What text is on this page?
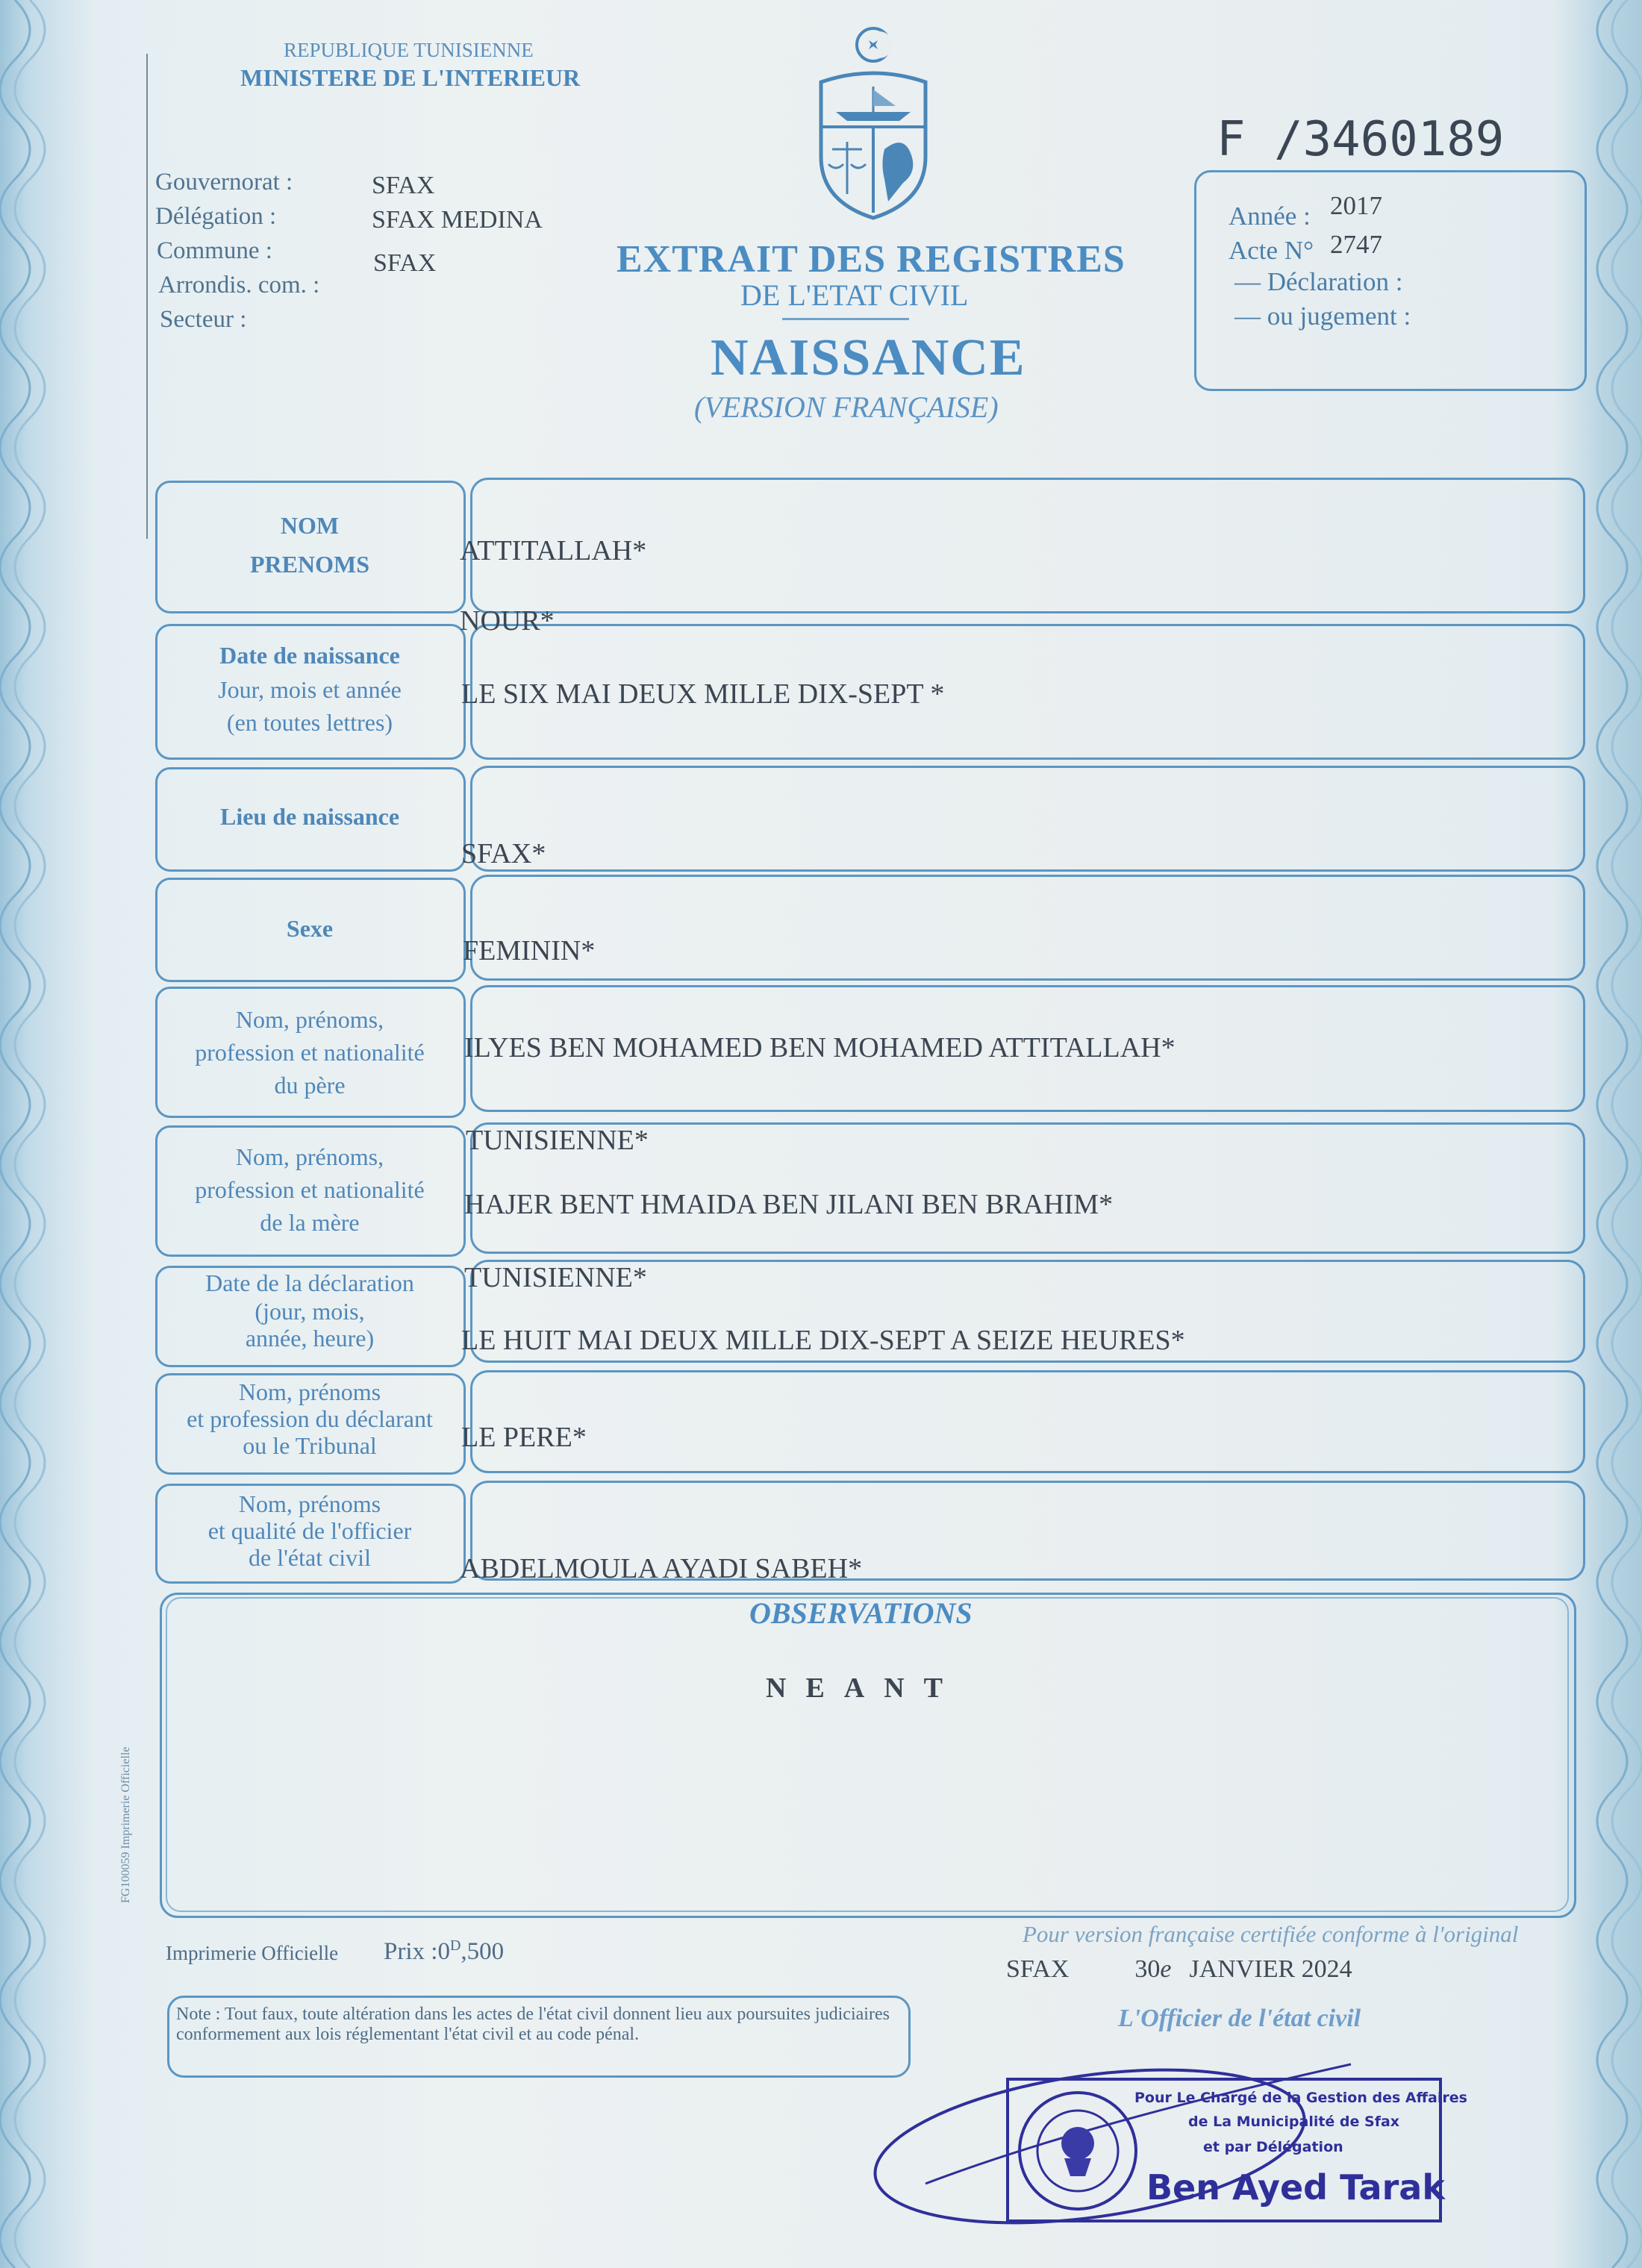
REPUBLIQUE TUNISIENNE
MINISTERE DE L'INTERIEUR
Gouvernorat :
Délégation :
Commune :
Arrondis. com. :
Secteur :
SFAX
SFAX MEDINA
SFAX
F /3460189
Année : 2017
Acte N° 2747
— Déclaration :
— ou jugement :
EXTRAIT DES REGISTRES
DE L'ETAT CIVIL
NAISSANCE
(VERSION FRANÇAISE)
NOM
PRENOMS
Date de naissance
Jour, mois et année
(en toutes lettres)
Lieu de naissance
Sexe
Nom, prénoms,
profession et nationalité
du père
Nom, prénoms,
profession et nationalité
de la mère
Date de la déclaration
(jour, mois,
année, heure)
Nom, prénoms
et profession du déclarant
ou le Tribunal
Nom, prénoms
et qualité de l'officier
de l'état civil
ATTITALLAH*
NOUR*
LE SIX MAI DEUX MILLE DIX-SEPT *
SFAX*
FEMININ*
ILYES BEN MOHAMED BEN MOHAMED ATTITALLAH*
TUNISIENNE*
HAJER BENT HMAIDA BEN JILANI BEN BRAHIM*
TUNISIENNE*
LE HUIT MAI DEUX MILLE DIX-SEPT A SEIZE HEURES*
LE PERE*
ABDELMOULA AYADI SABEH*
OBSERVATIONS
NEANT
FG100059 Imprimerie Officielle
Imprimerie Officielle Prix $:0^D,500$
Note : Tout faux, toute altération dans les actes de l'état civil donnent lieu aux poursuites judiciaires conformement aux lois réglementant l'état civil et au code pénal.
Pour version française certifiée conforme à l'original
SFAX	30e JANVIER 2024
L'Officier de l'état civil
Pour Le Chargé de la Gestion des Affaires
de La Municipalité de Sfax
et par Délégation
Ben Ayed Tarak
